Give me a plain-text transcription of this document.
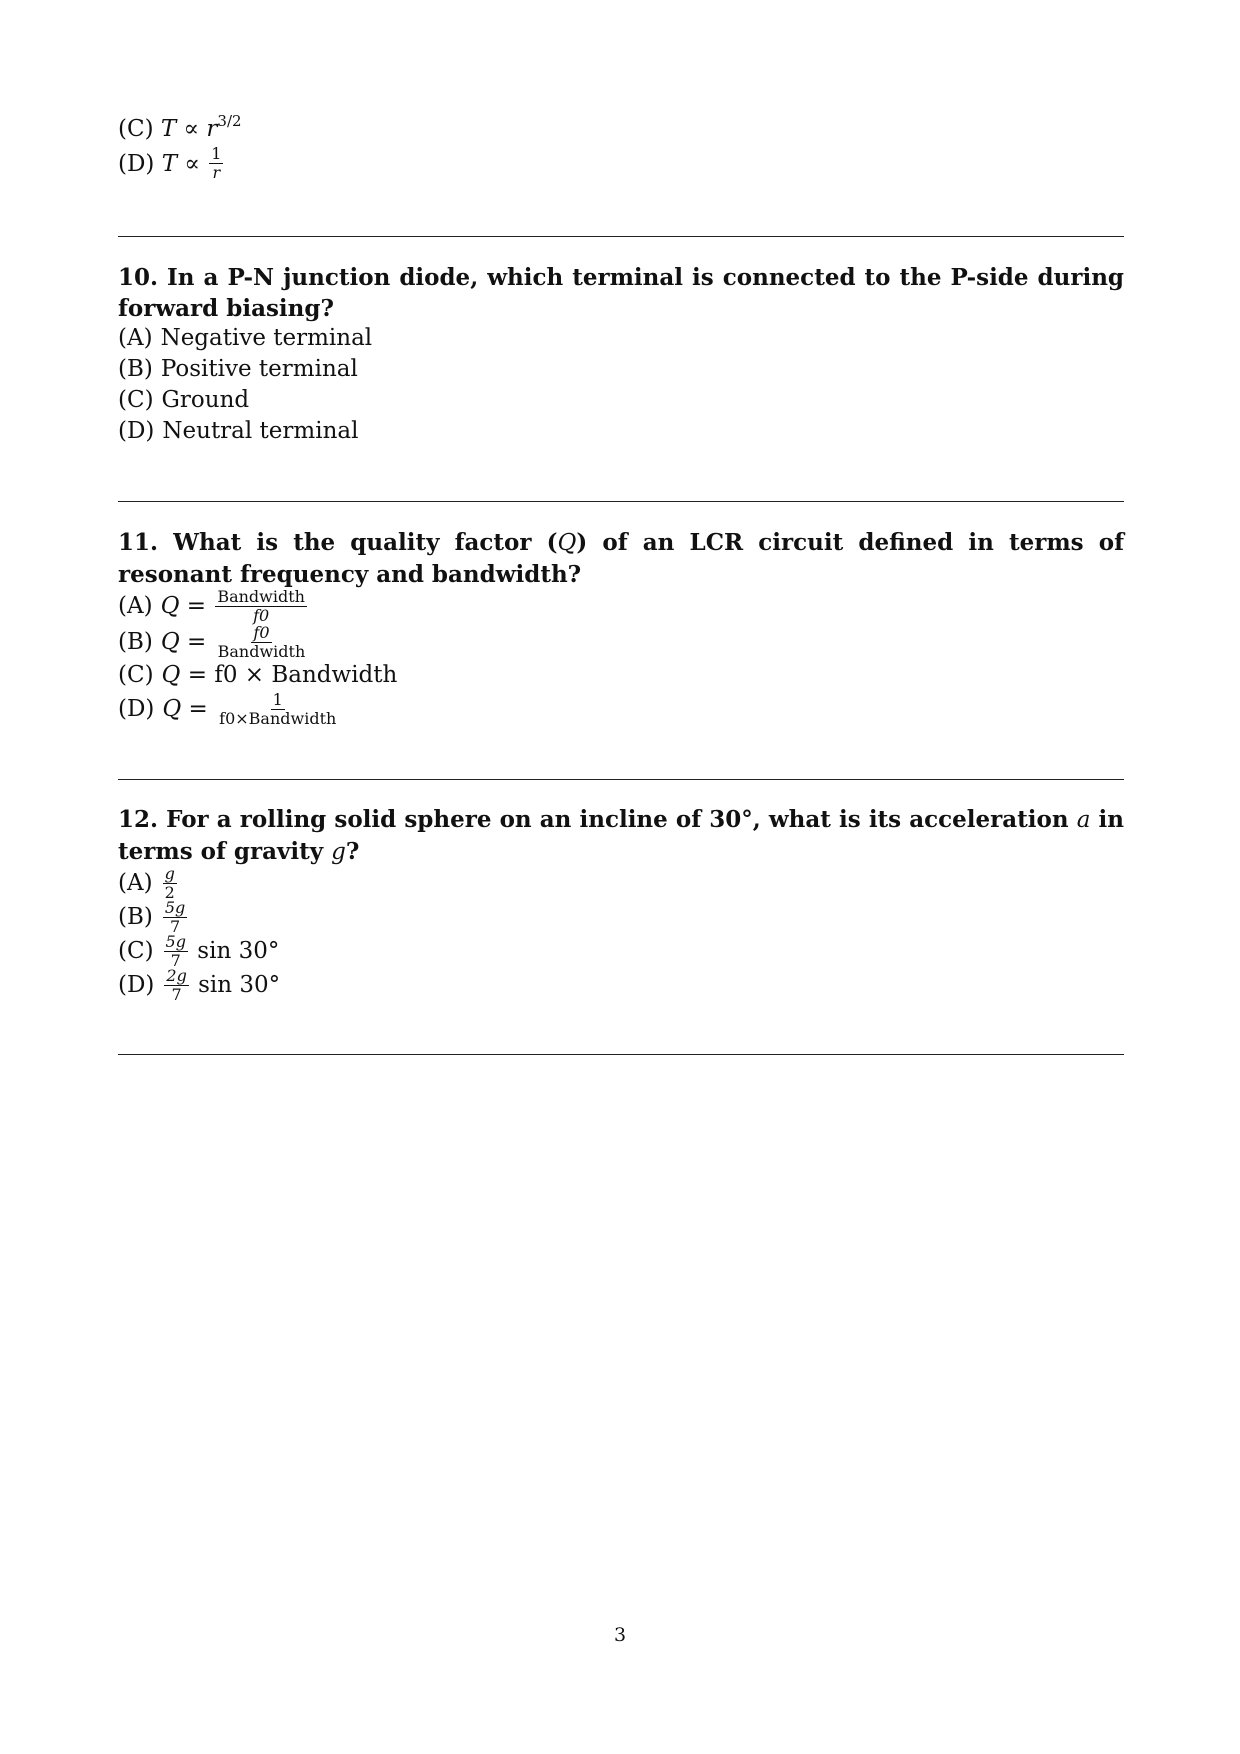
(C) $T \propto r^{3/2}$
(D)
T
∝
$\frac{1}{r}$
10. In a P-N junction diode, which terminal is connected to the P-side during forward biasing?
(A) Negative terminal
(B) Positive terminal
(C) Ground
(D) Neutral terminal
11. What is the quality factor (Q) of an LCR circuit defined in terms of resonant frequency and bandwidth?
(A) Q =
$\frac{\text{Bandwidth}}{f0}$
(B) Q =
$\frac{f0}{\text{Bandwidth}}$
(C) Q =
f0 × Bandwidth
(D) Q =
$\frac{1}{\text{f0×Bandwidth}}$
12. For a rolling solid sphere on an incline of 30°, what is its acceleration a in terms of gravity g?
$(A) \frac{g}{2}$
$(B) \frac{5g}{7}$
$(C) \frac{5g}{7}$
sin 30°
$(D) \frac{2g}{7}$
sin 30°
3
